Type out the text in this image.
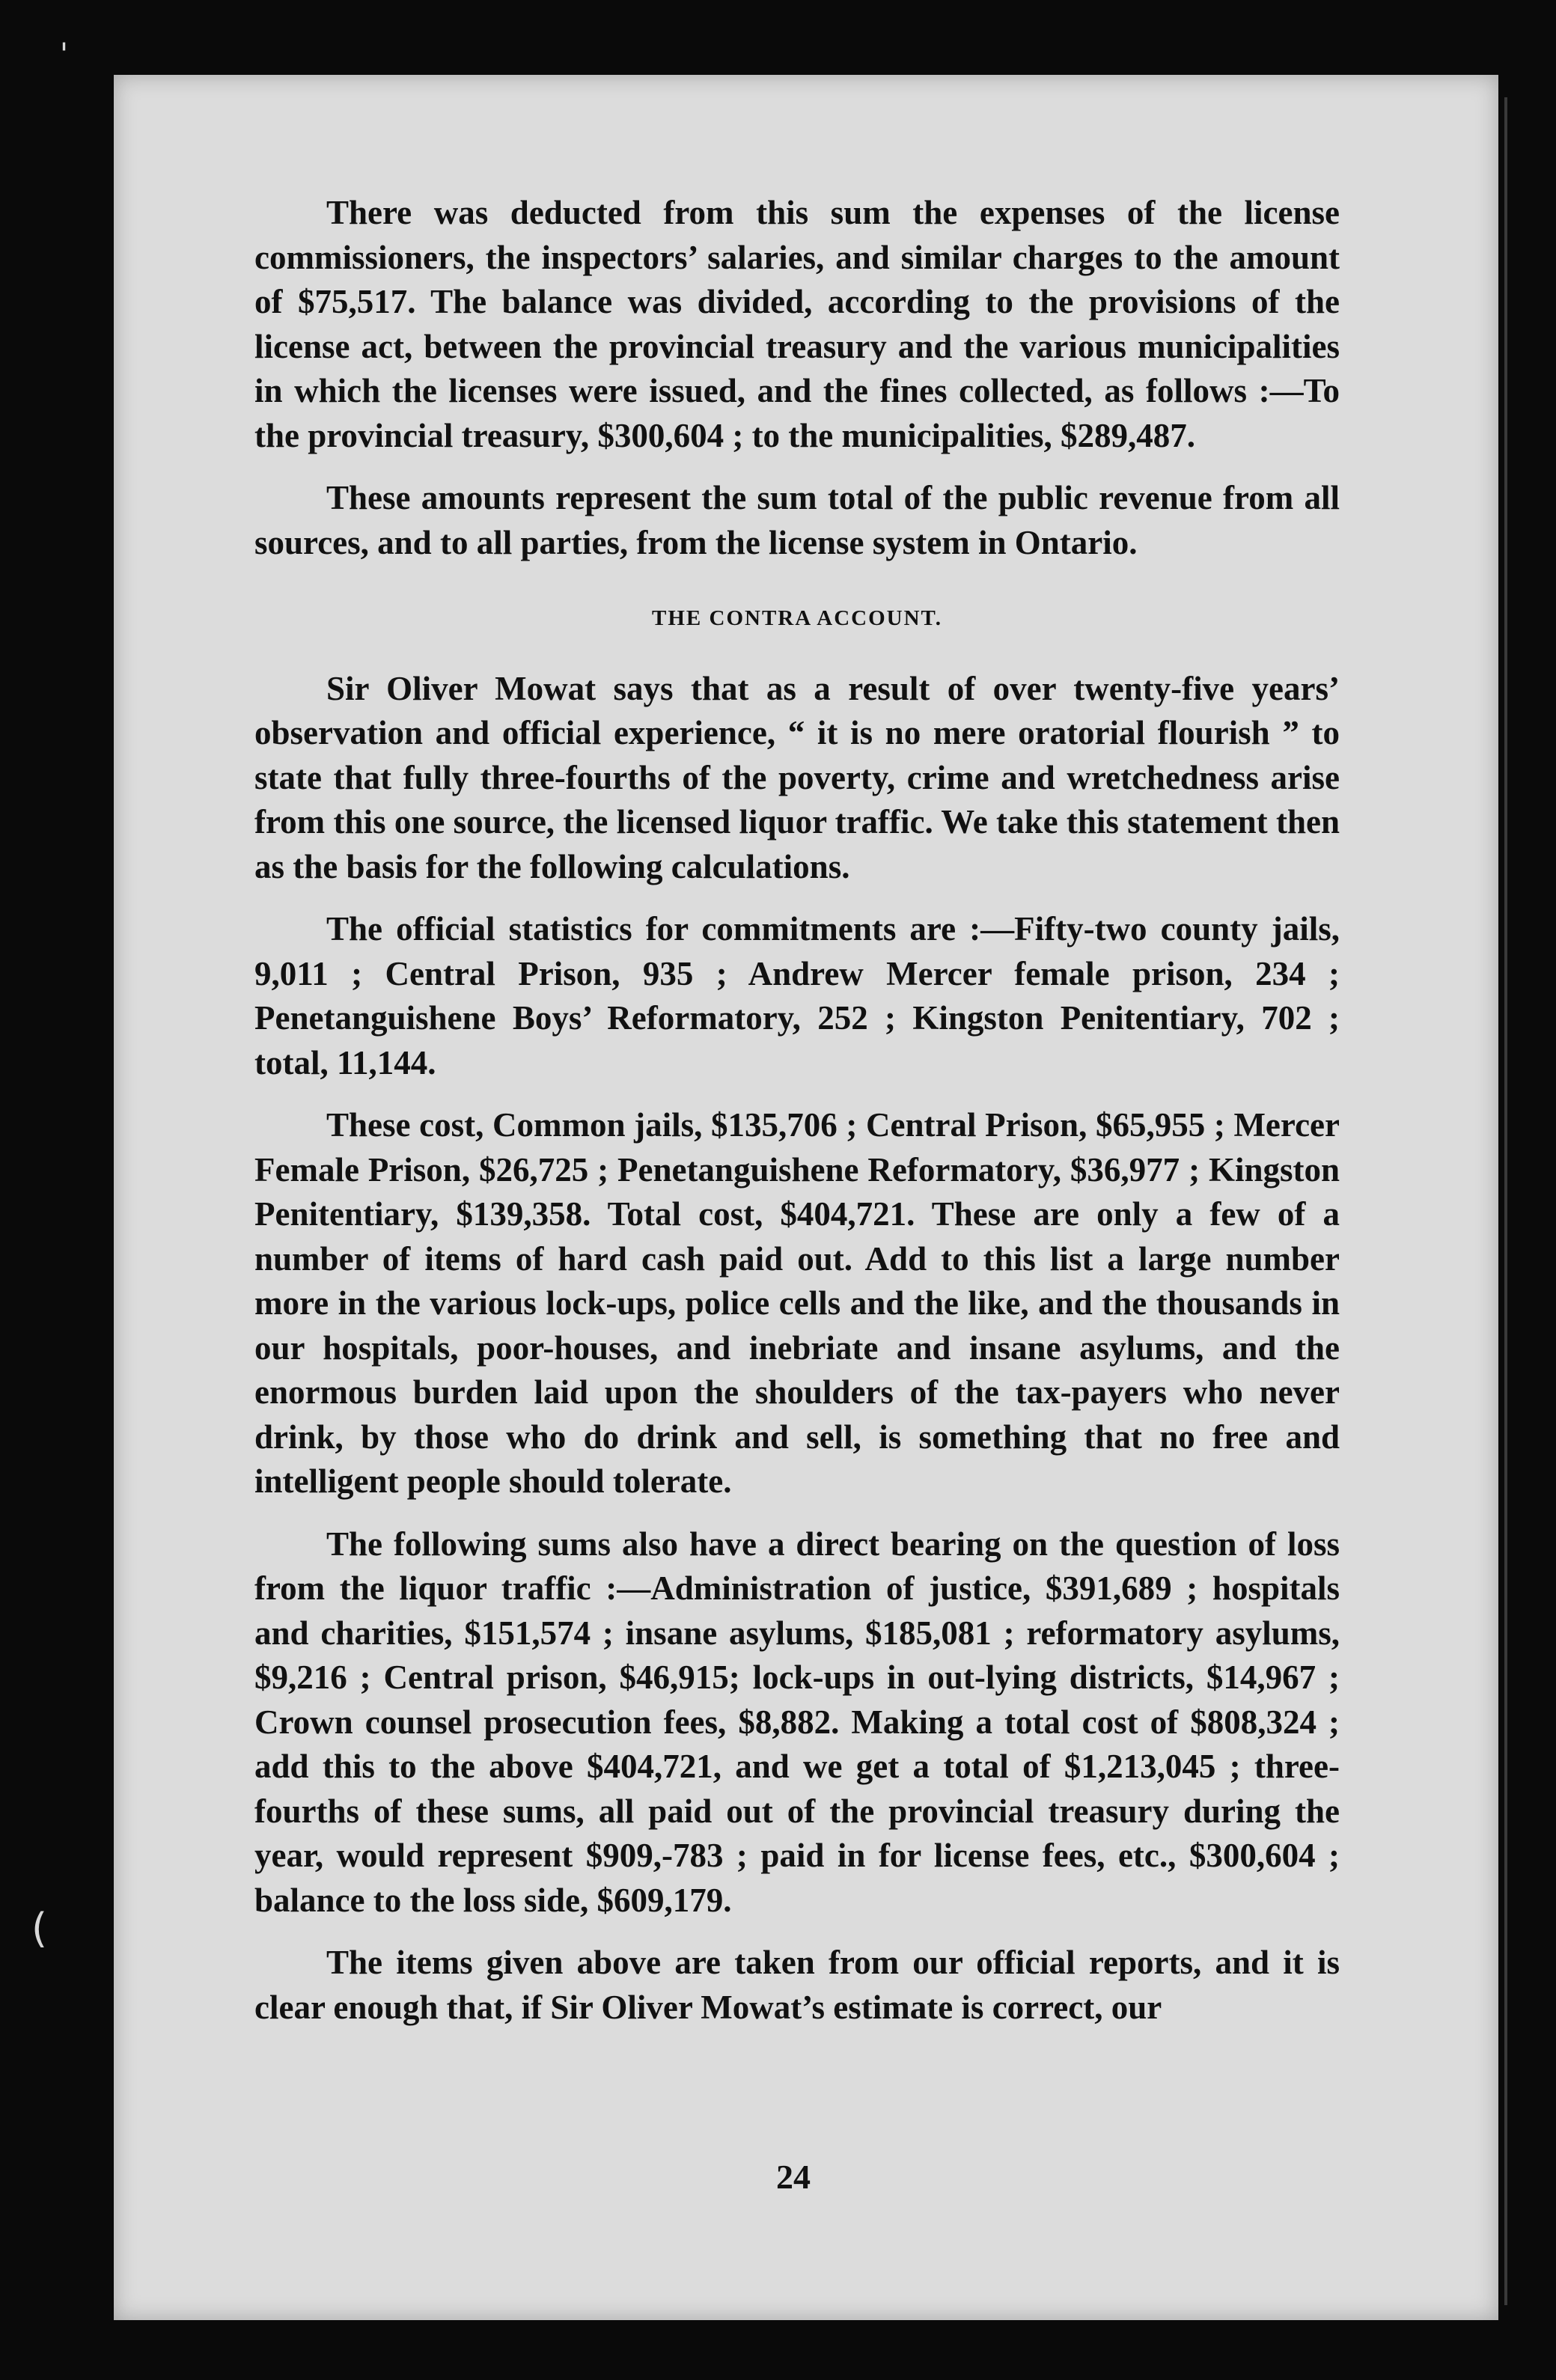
'
(

There was deducted from this sum the expenses of the license commissioners, the inspectors’ salaries, and similar charges to the amount of $75,517. The balance was divided, according to the provisions of the license act, between the provincial treasury and the various municipalities in which the licenses were issued, and the fines collected, as follows :—To the provincial treasury, $300,604 ; to the municipalities, $289,487.

These amounts represent the sum total of the public revenue from all sources, and to all parties, from the license system in Ontario.

THE CONTRA ACCOUNT.

Sir Oliver Mowat says that as a result of over twenty-five years’ observation and official experience, “ it is no mere oratorial flourish ” to state that fully three-fourths of the poverty, crime and wretchedness arise from this one source, the licensed liquor traffic. We take this statement then as the basis for the following calculations.

The official statistics for commitments are :—Fifty-two county jails, 9,011 ; Central Prison, 935 ; Andrew Mercer female prison, 234 ; Penetanguishene Boys’ Reformatory, 252 ; Kingston Penitentiary, 702 ; total, 11,144.

These cost, Common jails, $135,706 ; Central Prison, $65,955 ; Mercer Female Prison, $26,725 ; Penetanguishene Reformatory, $36,977 ; Kingston Penitentiary, $139,358. Total cost, $404,721. These are only a few of a number of items of hard cash paid out. Add to this list a large number more in the various lock-ups, police cells and the like, and the thousands in our hospitals, poor-houses, and inebriate and insane asylums, and the enormous burden laid upon the shoulders of the tax-payers who never drink, by those who do drink and sell, is something that no free and intelligent people should tolerate.

The following sums also have a direct bearing on the question of loss from the liquor traffic :—Administration of justice, $391,689 ; hospitals and charities, $151,574 ; insane asylums, $185,081 ; reformatory asylums, $9,216 ; Central prison, $46,915; lock-ups in out-lying districts, $14,967 ; Crown counsel prosecution fees, $8,882. Making a total cost of $808,324 ; add this to the above $404,721, and we get a total of $1,213,045 ; three-fourths of these sums, all paid out of the provincial treasury during the year, would represent $909,-783 ; paid in for license fees, etc., $300,604 ; balance to the loss side, $609,179.

The items given above are taken from our official reports, and it is clear enough that, if Sir Oliver Mowat’s estimate is correct, our

24
